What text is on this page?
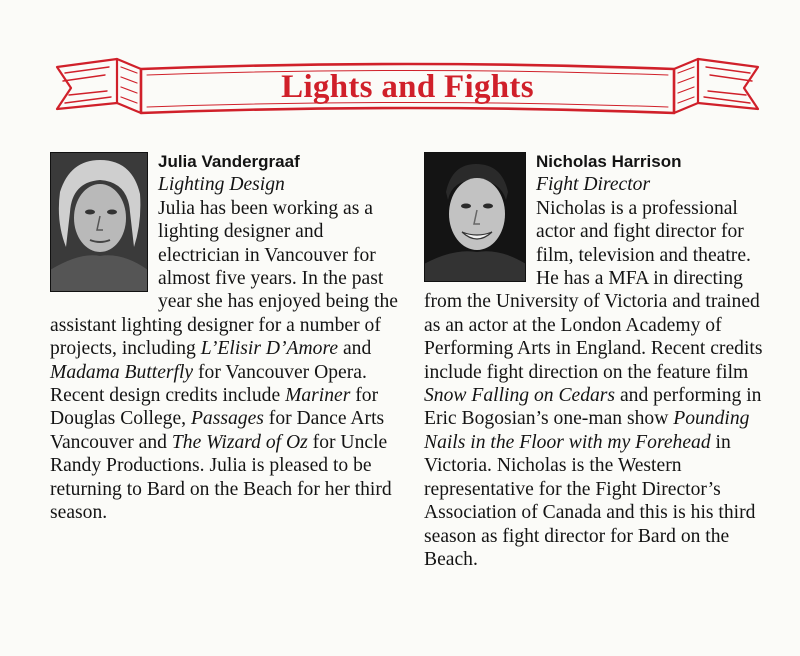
Lights and Fights
Julia Vandergraaf
Lighting Design
Julia has been working as a lighting designer and electrician in Vancouver for almost five years. In the past year she has enjoyed being the assistant lighting designer for a number of projects, including L’Elisir D’Amore and Madama Butterfly for Vancouver Opera. Recent design credits include Mariner for Douglas College, Passages for Dance Arts Vancouver and The Wizard of Oz for Uncle Randy Productions. Julia is pleased to be returning to Bard on the Beach for her third season.
Nicholas Harrison
Fight Director
Nicholas is a professional actor and fight director for film, television and theatre. He has a MFA in directing from the University of Victoria and trained as an actor at the London Academy of Performing Arts in England. Recent credits include fight direction on the feature film Snow Falling on Cedars and performing in Eric Bogosian’s one-man show Pounding Nails in the Floor with my Forehead in Victoria. Nicholas is the Western representative for the Fight Director’s Association of Canada and this is his third season as fight director for Bard on the Beach.
